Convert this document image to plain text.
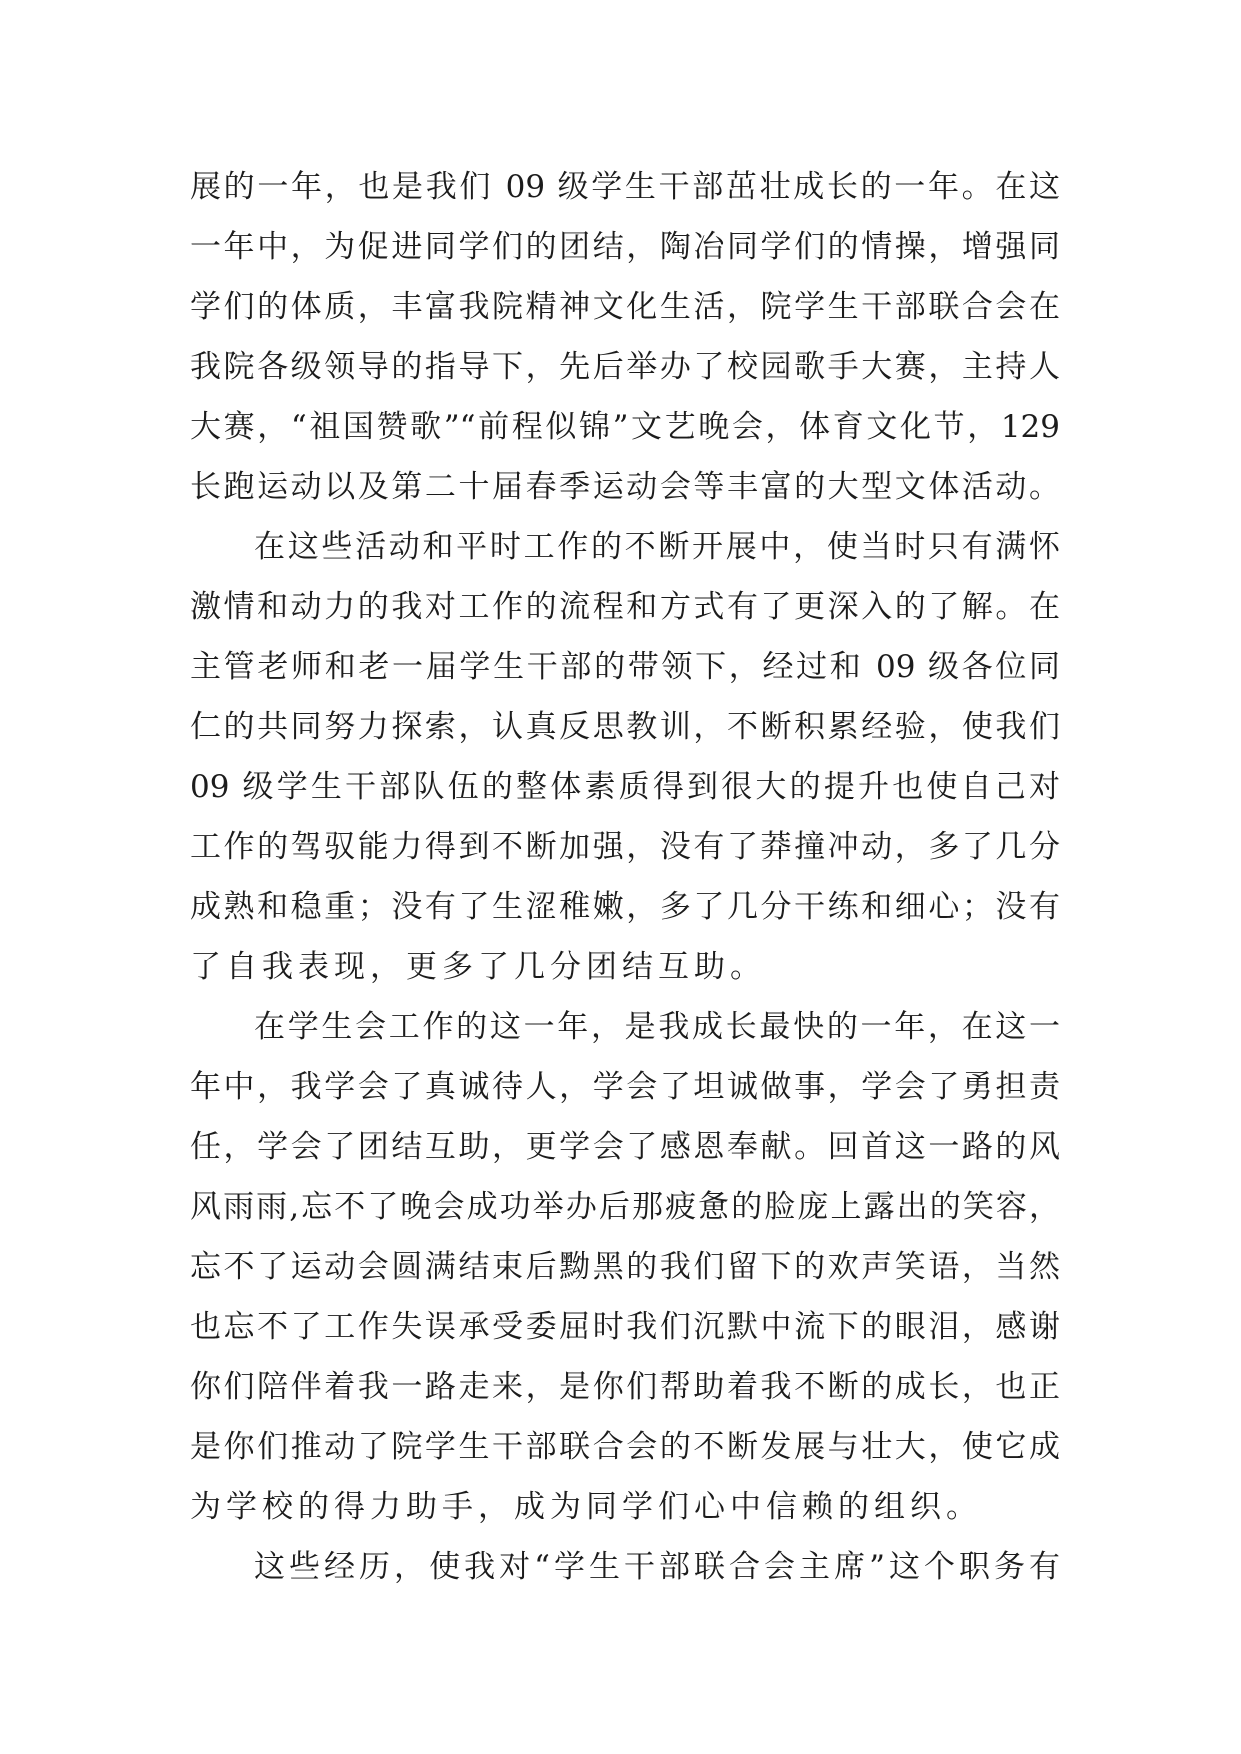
展的一年，也是我们 09 级学生干部茁壮成长的一年。在这
一年中，为促进同学们的团结，陶冶同学们的情操，增强同
学们的体质，丰富我院精神文化生活，院学生干部联合会在
我院各级领导的指导下，先后举办了校园歌手大赛，主持人
大赛，“祖国赞歌”“前程似锦”文艺晚会，体育文化节，129
长跑运动以及第二十届春季运动会等丰富的大型文体活动。
在这些活动和平时工作的不断开展中，使当时只有满怀
激情和动力的我对工作的流程和方式有了更深入的了解。在
主管老师和老一届学生干部的带领下，经过和 09 级各位同
仁的共同努力探索，认真反思教训，不断积累经验，使我们
09 级学生干部队伍的整体素质得到很大的提升也使自己对
工作的驾驭能力得到不断加强，没有了莽撞冲动，多了几分
成熟和稳重；没有了生涩稚嫩，多了几分干练和细心；没有
了自我表现，更多了几分团结互助。
在学生会工作的这一年，是我成长最快的一年，在这一
年中，我学会了真诚待人，学会了坦诚做事，学会了勇担责
任，学会了团结互助，更学会了感恩奉献。回首这一路的风
风雨雨,忘不了晚会成功举办后那疲惫的脸庞上露出的笑容，
忘不了运动会圆满结束后黝黑的我们留下的欢声笑语，当然
也忘不了工作失误承受委屈时我们沉默中流下的眼泪，感谢
你们陪伴着我一路走来，是你们帮助着我不断的成长，也正
是你们推动了院学生干部联合会的不断发展与壮大，使它成
为学校的得力助手，成为同学们心中信赖的组织。
这些经历，使我对“学生干部联合会主席”这个职务有
